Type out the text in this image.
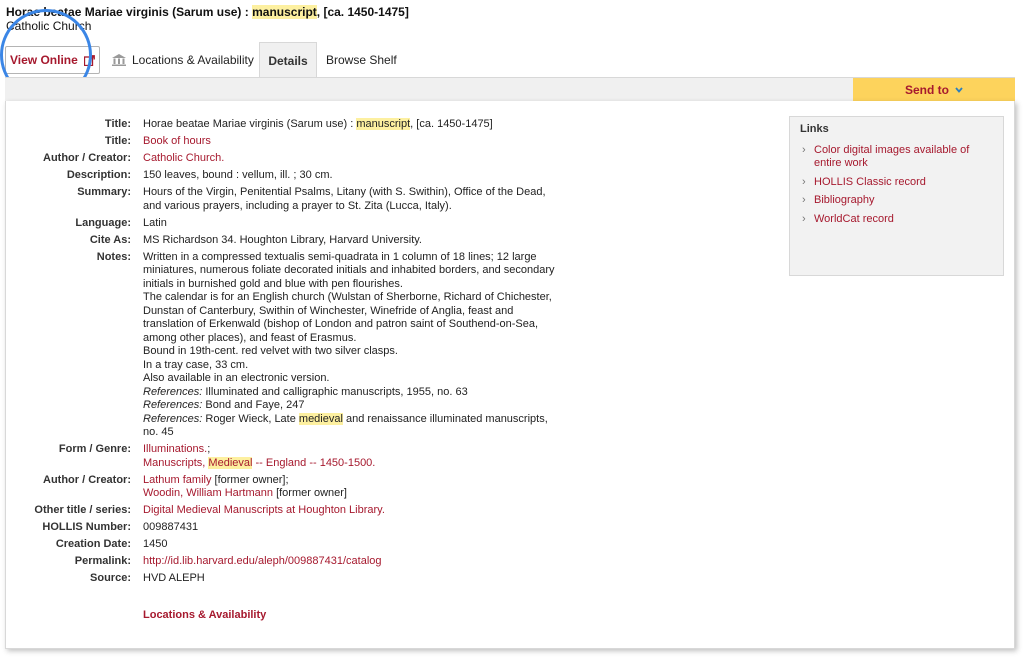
Horae beatae Mariae virginis (Sarum use) : manuscript, [ca. 1450-1475]
Catholic Church
View Online	Locations & Availability	Details	Browse Shelf
Send to
Title: Horae beatae Mariae virginis (Sarum use) : manuscript, [ca. 1450-1475]
Title: Book of hours
Author / Creator: Catholic Church.
Description: 150 leaves, bound : vellum, ill. ; 30 cm.
Summary: Hours of the Virgin, Penitential Psalms, Litany (with S. Swithin), Office of the Dead,
and various prayers, including a prayer to St. Zita (Lucca, Italy).
Language: Latin
Cite As: MS Richardson 34. Houghton Library, Harvard University.
Notes: Written in a compressed textualis semi-quadrata in 1 column of 18 lines; 12 large
miniatures, numerous foliate decorated initials and inhabited borders, and secondary
initials in burnished gold and blue with pen flourishes.
The calendar is for an English church (Wulstan of Sherborne, Richard of Chichester,
Dunstan of Canterbury, Swithin of Winchester, Winefride of Anglia, feast and
translation of Erkenwald (bishop of London and patron saint of Southend-on-Sea,
among other places), and feast of Erasmus.
Bound in 19th-cent. red velvet with two silver clasps.
In a tray case, 33 cm.
Also available in an electronic version.
References: Illuminated and calligraphic manuscripts, 1955, no. 63
References: Bond and Faye, 247
References: Roger Wieck, Late medieval and renaissance illuminated manuscripts,
no. 45
Form / Genre: Illuminations.;
Manuscripts, Medieval -- England -- 1450-1500.
Author / Creator: Lathum family [former owner];
Woodin, William Hartmann [former owner]
Other title / series: Digital Medieval Manuscripts at Houghton Library.
HOLLIS Number: 009887431
Creation Date: 1450
Permalink: http://id.lib.harvard.edu/aleph/009887431/catalog
Source: HVD ALEPH
Locations & Availability
Links
› Color digital images available of entire work
› HOLLIS Classic record
› Bibliography
› WorldCat record
